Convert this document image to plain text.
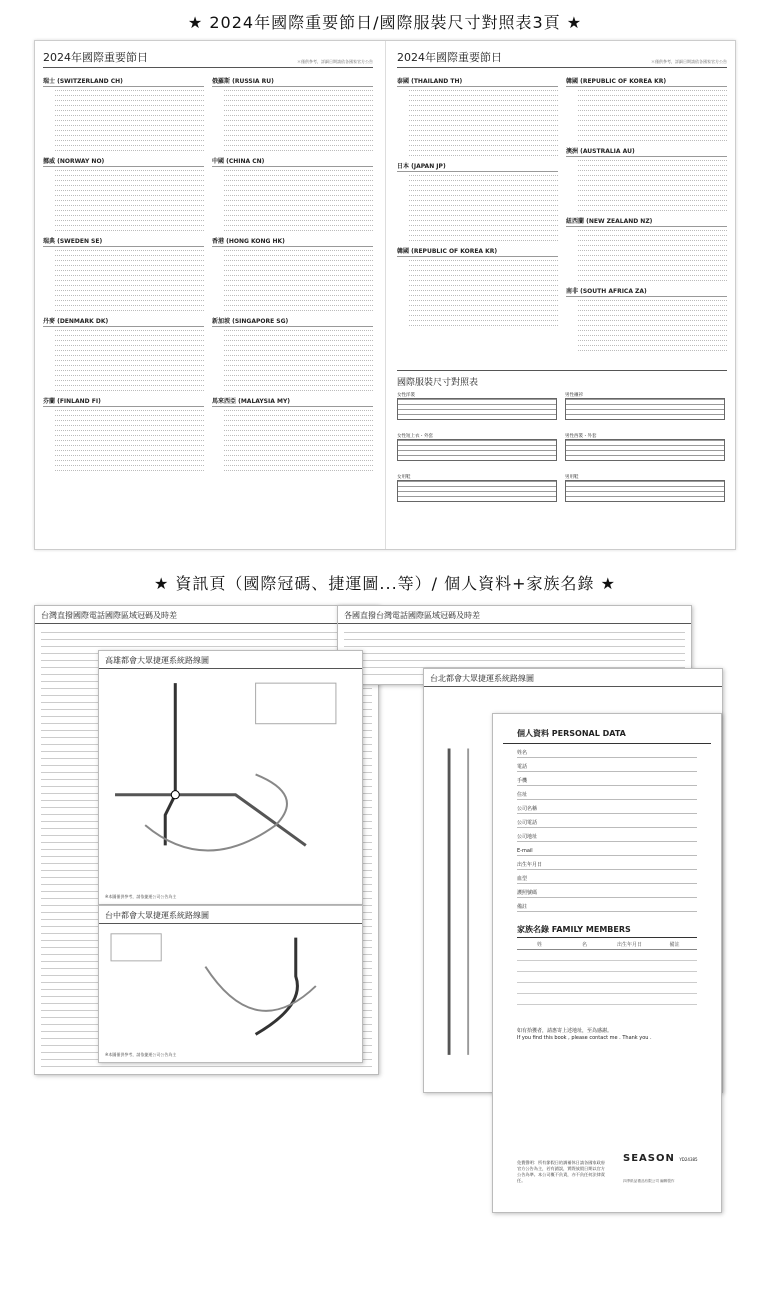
★ 2024年國際重要節日/國際服裝尺寸對照表3頁 ★
2024年國際重要節日	＊僅供參考，詳細日期請依各國家官方公告
瑞士 (SWITZERLAND CH)
挪威 (NORWAY NO)
瑞典 (SWEDEN SE)
丹麥 (DENMARK DK)
芬蘭 (FINLAND FI)
俄羅斯 (RUSSIA RU)
中國 (CHINA CN)
香港 (HONG KONG HK)
新加坡 (SINGAPORE SG)
馬來西亞 (MALAYSIA MY)
2024年國際重要節日	＊僅供參考，詳細日期請依各國家官方公告
泰國 (THAILAND TH)
日本 (JAPAN JP)
韓國 (REPUBLIC OF KOREA KR)
韓國 (REPUBLIC OF KOREA KR)
澳洲 (AUSTRALIA AU)
紐西蘭 (NEW ZEALAND NZ)
南非 (SOUTH AFRICA ZA)
國際服裝尺寸對照表
女性洋裝	男性襯衫
女性短上衣・外套	男性西裝・外套
女用鞋	男用鞋
★ 資訊頁（國際冠碼、捷運圖...等）/ 個人資料+家族名錄 ★
台灣直撥國際電話國際區域冠碼及時差	各國直撥台灣電話國際區域冠碼及時差
台北都會大眾捷運系統路線圖
高雄都會大眾捷運系統路線圖
※本圖僅供參考，請依捷運公司公告為主
台中都會大眾捷運系統路線圖
※本圖僅供參考，請依捷運公司公告為主
個人資料 PERSONAL DATA
姓名
電話
手機
住址
公司名稱
公司電話
公司地址
E-mail
出生年月日
血型
護照號碼
備註
家族名錄 FAMILY MEMBERS
姓	名	出生年月日	備註
如有拾獲者，請惠寄上述地址，至為感謝。
If you find this book , please contact me . Thank you .
免費聲明：所有節假日的調補休日請各國家政府官方公告為主，若有錯誤，實際放假日期以官方公告為準。本公司概不負責，亦不負任何法律責任。
SEASON YD24385
四季紙品禮品有限公司 編輯製作
